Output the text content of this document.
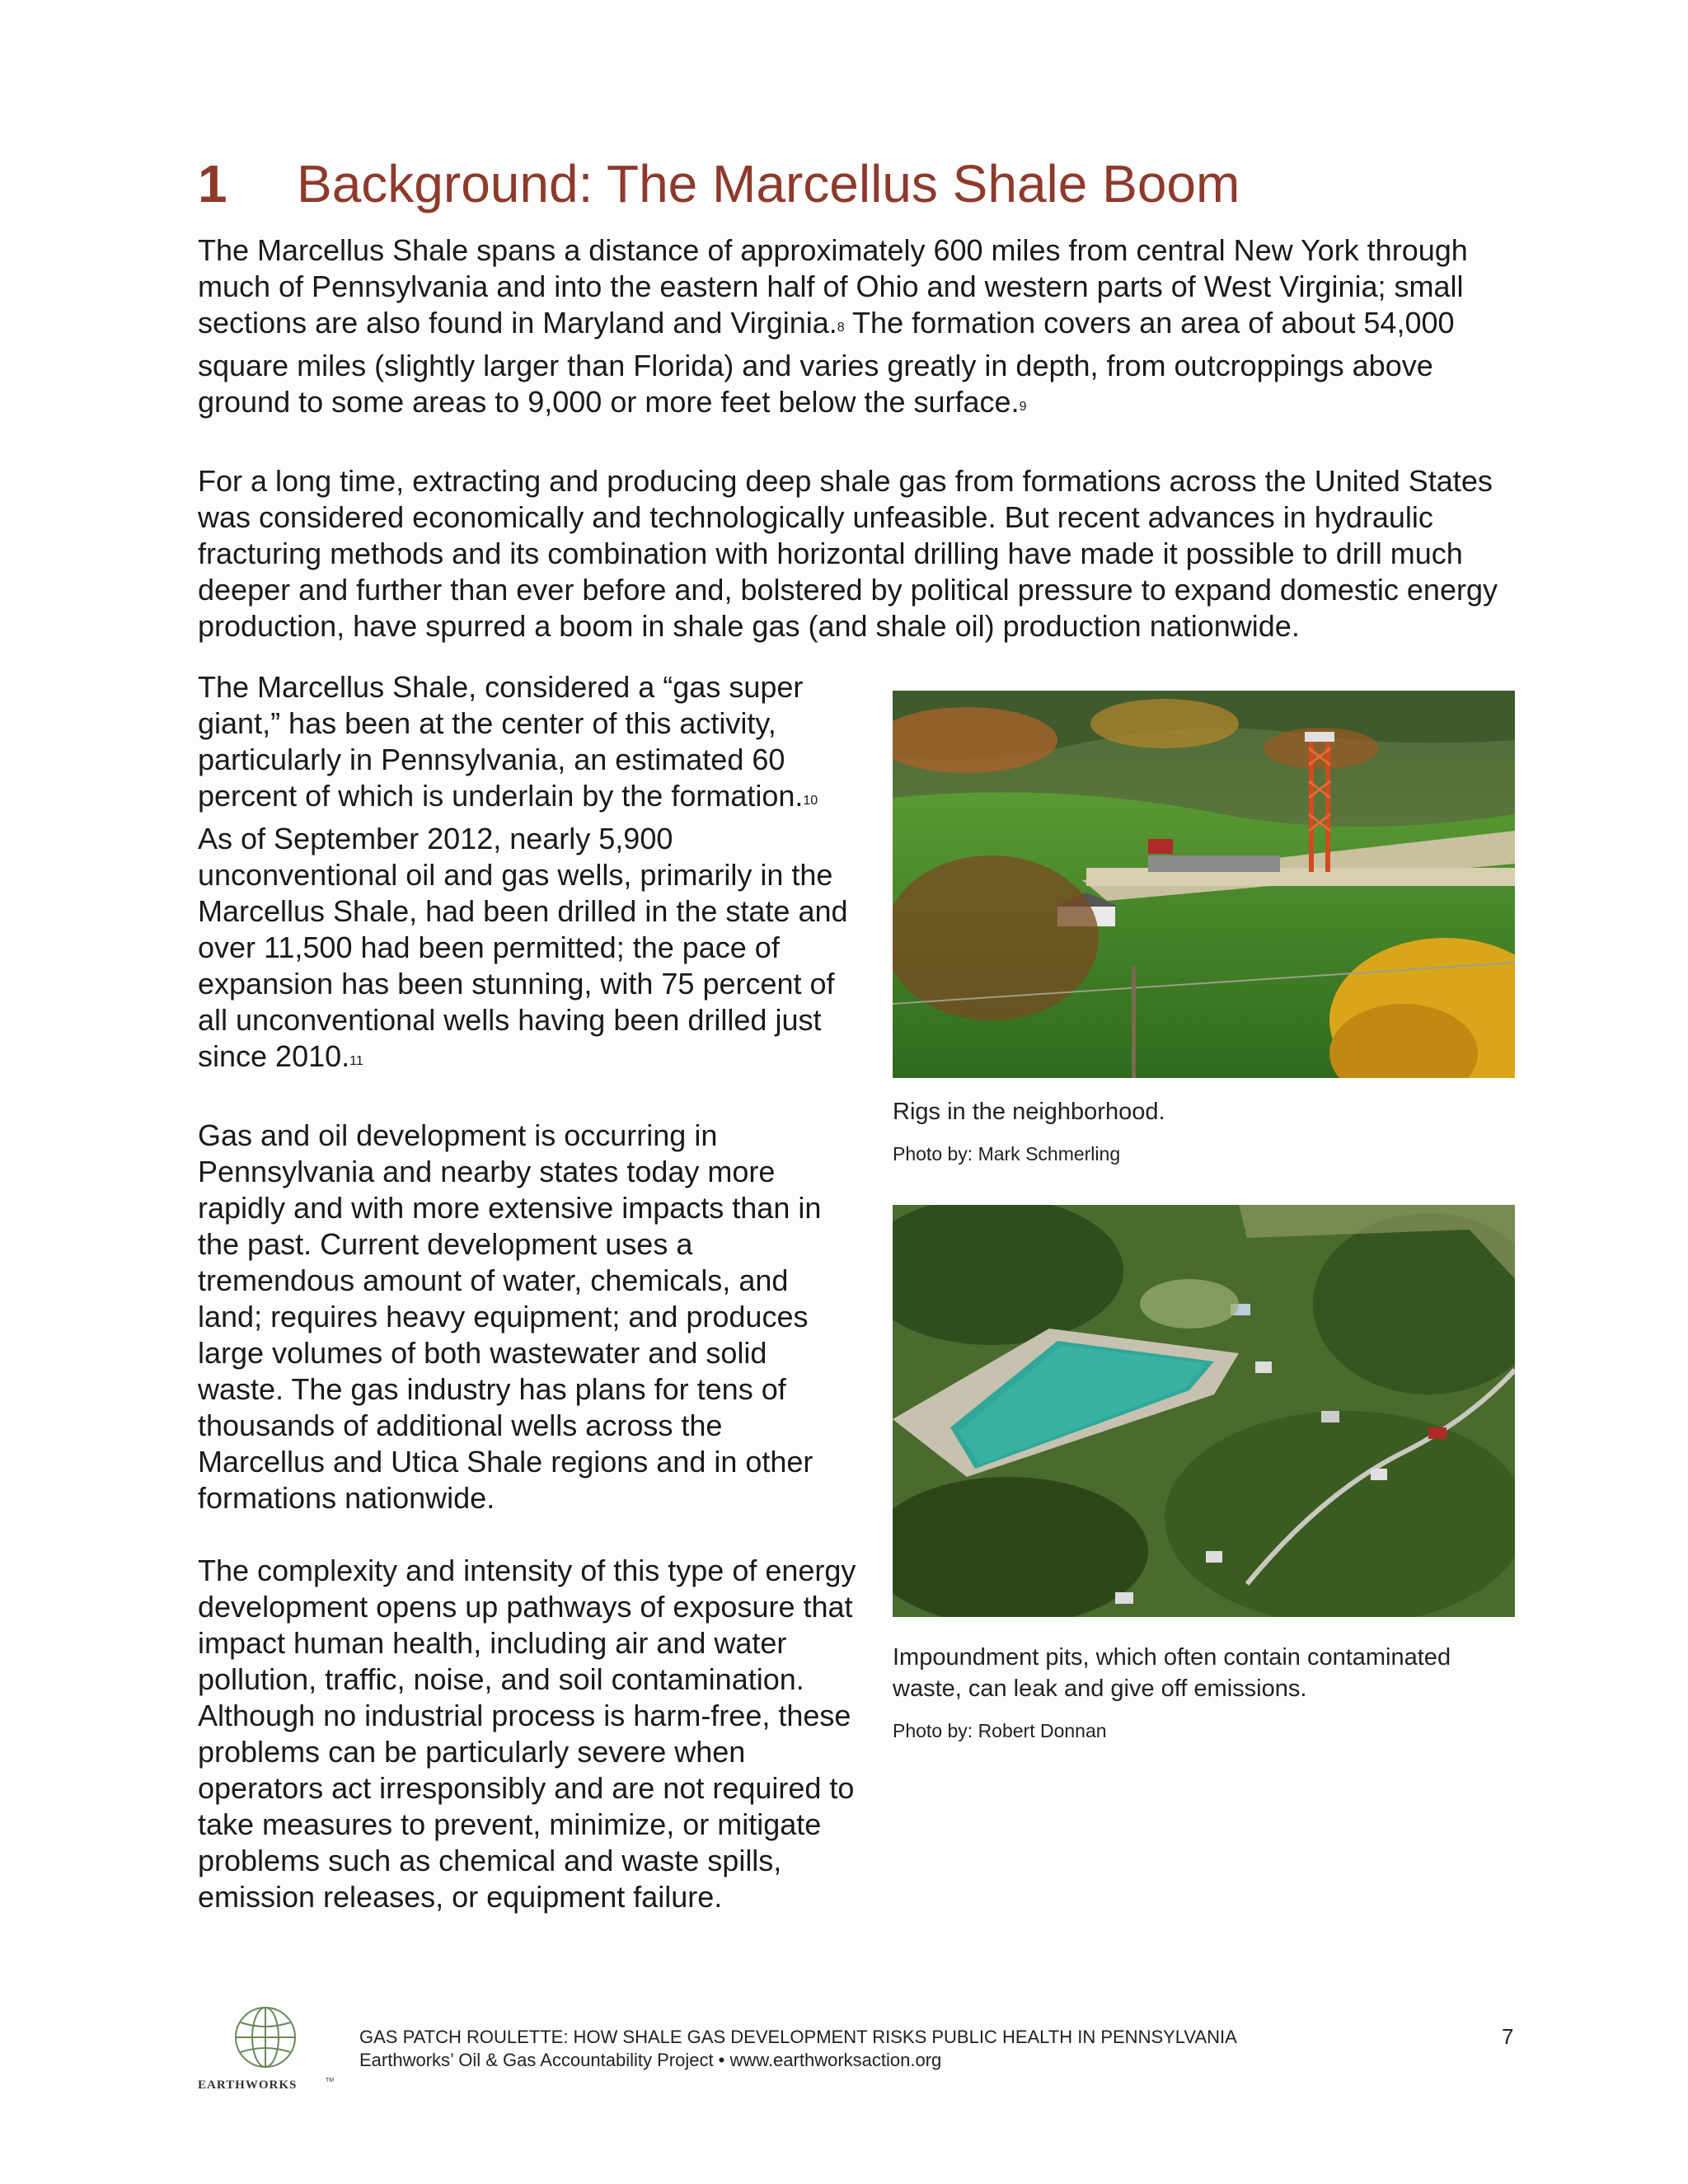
1 Background: The Marcellus Shale Boom

The Marcellus Shale spans a distance of approximately 600 miles from central New York through much of Pennsylvania and into the eastern half of Ohio and western parts of West Virginia; small sections are also found in Maryland and Virginia.$^8$ The formation covers an area of about 54,000 square miles (slightly larger than Florida) and varies greatly in depth, from outcroppings above ground to some areas to 9,000 or more feet below the surface.$^9$

For a long time, extracting and producing deep shale gas from formations across the United States was considered economically and technologically unfeasible. But recent advances in hydraulic fracturing methods and its combination with horizontal drilling have made it possible to drill much deeper and further than ever before and, bolstered by political pressure to expand domestic energy production, have spurred a boom in shale gas (and shale oil) production nationwide.

The Marcellus Shale, considered a “gas super giant,” has been at the center of this activity, particularly in Pennsylvania, an estimated 60 percent of which is underlain by the formation.$^{10}$ As of September 2012, nearly 5,900 unconventional oil and gas wells, primarily in the Marcellus Shale, had been drilled in the state and over 11,500 had been permitted; the pace of expansion has been stunning, with 75 percent of all unconventional wells having been drilled just since 2010.11

Gas and oil development is occurring in Pennsylvania and nearby states today more rapidly and with more extensive impacts than in the past. Current development uses a tremendous amount of water, chemicals, and land; requires heavy equipment; and produces large volumes of both wastewater and solid waste. The gas industry has plans for tens of thousands of additional wells across the Marcellus and Utica Shale regions and in other formations nationwide.

The complexity and intensity of this type of energy development opens up pathways of exposure that impact human health, including air and water pollution, traffic, noise, and soil contamination. Although no industrial process is harm-free, these problems can be particularly severe when operators act irresponsibly and are not required to take measures to prevent, minimize, or mitigate problems such as chemical and waste spills, emission releases, or equipment failure.

Rigs in the neighborhood.
Photo by: Mark Schmerling
Impoundment pits, which often contain contaminated waste, can leak and give off emissions.
Photo by: Robert Donnan
EARTHWORKS	TM
GAS PATCH ROULETTE: HOW SHALE GAS DEVELOPMENT RISKS PUBLIC HEALTH IN PENNSYLVANIA
Earthworks’ Oil & Gas Accountability Project • www.earthworksaction.org
7
